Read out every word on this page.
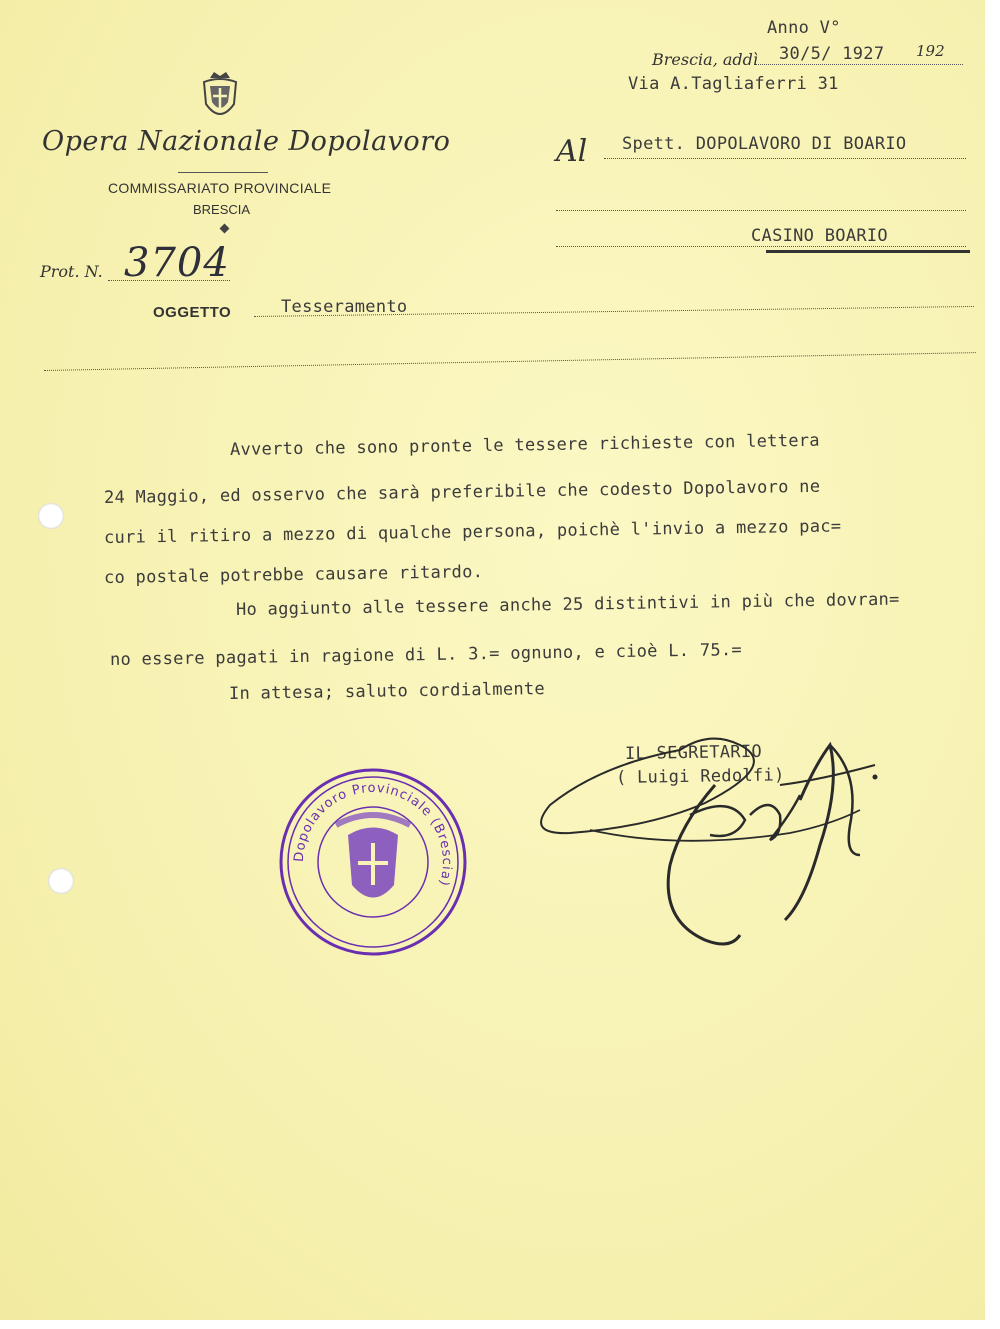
Opera Nazionale Dopolavoro
COMMISSARIATO PROVINCIALE
BRESCIA
Prot. N. 3704
OGGETTO	Tesseramento
Anno V°
Brescia, addì 30/5/ 1927 192
Via A.Tagliaferri 31
Al Spett. DOPOLAVORO DI BOARIO
CASINO BOARIO
Avverto che sono pronte le tessere richieste con lettera
24 Maggio, ed osservo che sarà preferibile che codesto Dopolavoro ne
curi il ritiro a mezzo di qualche persona, poichè l'invio a mezzo pac=
co postale potrebbe causare ritardo.
Ho aggiunto alle tessere anche 25 distintivi in più che dovran=
no essere pagati in ragione di L. 3.= ognuno, e cioè L. 75.=
In attesa; saluto cordialmente
IL SEGRETARIO
( Luigi Redolfi)
Dopolavoro Provinciale (Brescia)
